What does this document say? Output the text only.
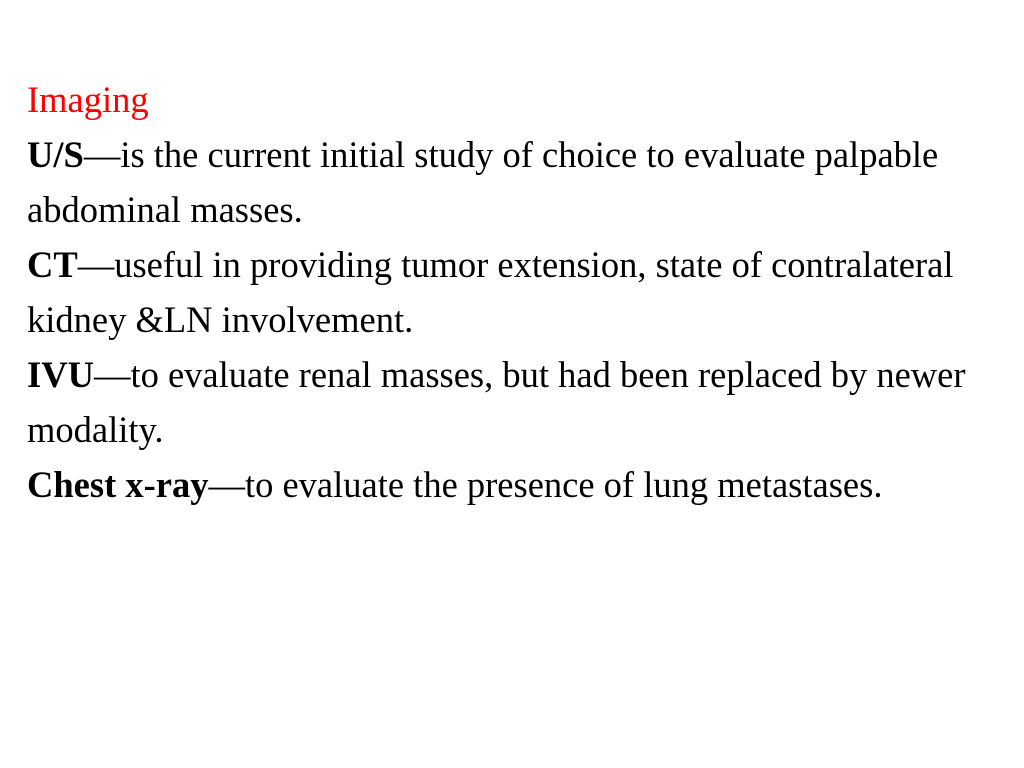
Imaging

U/S—is the current initial study of choice to evaluate palpable abdominal masses.

CT—useful in providing tumor extension, state of contralateral kidney &LN involvement.

IVU—to evaluate renal masses, but had been replaced by newer modality.

Chest x-ray—to evaluate the presence of lung metastases.
